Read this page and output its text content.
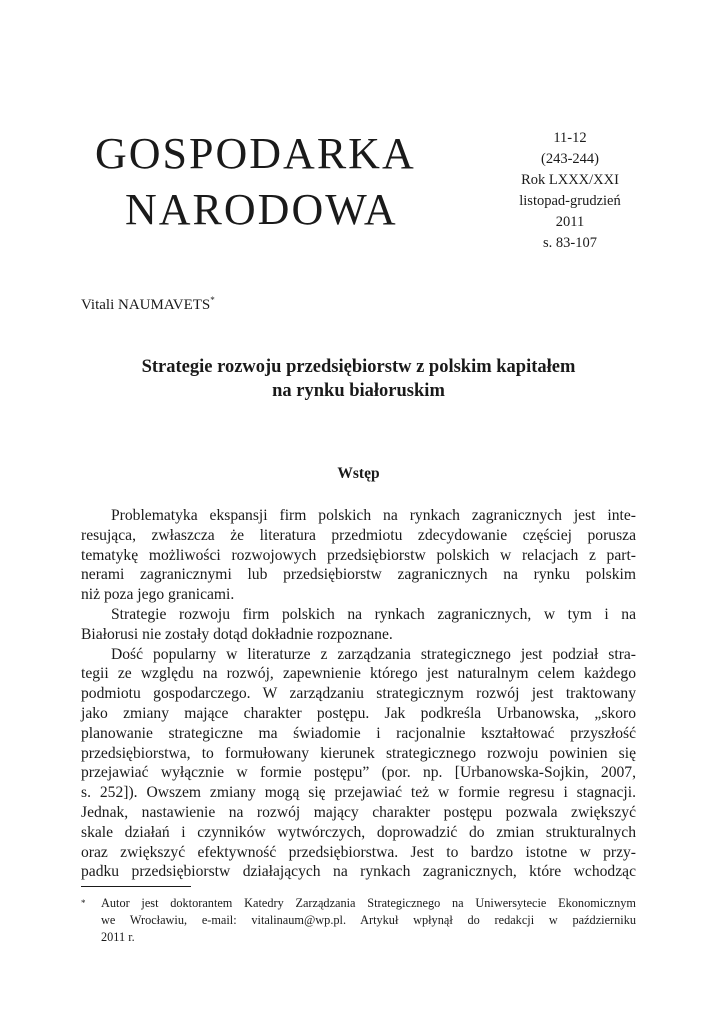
GOSPODARKA
NARODOWA
11-12
(243-244)
Rok LXXX/XXI
listopad-grudzień
2011
s. 83-107
Vitali NAUMAVETS*
Strategie rozwoju przedsiębiorstw z polskim kapitałem
na rynku białoruskim
Wstęp
Problematyka ekspansji firm polskich na rynkach zagranicznych jest inte-
resująca, zwłaszcza że literatura przedmiotu zdecydowanie częściej porusza
tematykę możliwości rozwojowych przedsiębiorstw polskich w relacjach z part-
nerami zagranicznymi lub przedsiębiorstw zagranicznych na rynku polskim
niż poza jego granicami.
Strategie rozwoju firm polskich na rynkach zagranicznych, w tym i na
Białorusi nie zostały dotąd dokładnie rozpoznane.
Dość popularny w literaturze z zarządzania strategicznego jest podział stra-
tegii ze względu na rozwój, zapewnienie którego jest naturalnym celem każdego
podmiotu gospodarczego. W zarządzaniu strategicznym rozwój jest traktowany
jako zmiany mające charakter postępu. Jak podkreśla Urbanowska, „skoro
planowanie strategiczne ma świadomie i racjonalnie kształtować przyszłość
przedsiębiorstwa, to formułowany kierunek strategicznego rozwoju powinien się
przejawiać wyłącznie w formie postępu” (por. np. [Urbanowska-Sojkin, 2007,
s. 252]). Owszem zmiany mogą się przejawiać też w formie regresu i stagnacji.
Jednak, nastawienie na rozwój mający charakter postępu pozwala zwiększyć
skale działań i czynników wytwórczych, doprowadzić do zmian strukturalnych
oraz zwiększyć efektywność przedsiębiorstwa. Jest to bardzo istotne w przy-
padku przedsiębiorstw działających na rynkach zagranicznych, które wchodząc
* Autor jest doktorantem Katedry Zarządzania Strategicznego na Uniwersytecie Ekonomicznym
we Wrocławiu, e-mail: vitalinaum@wp.pl. Artykuł wpłynął do redakcji w październiku
2011 r.
